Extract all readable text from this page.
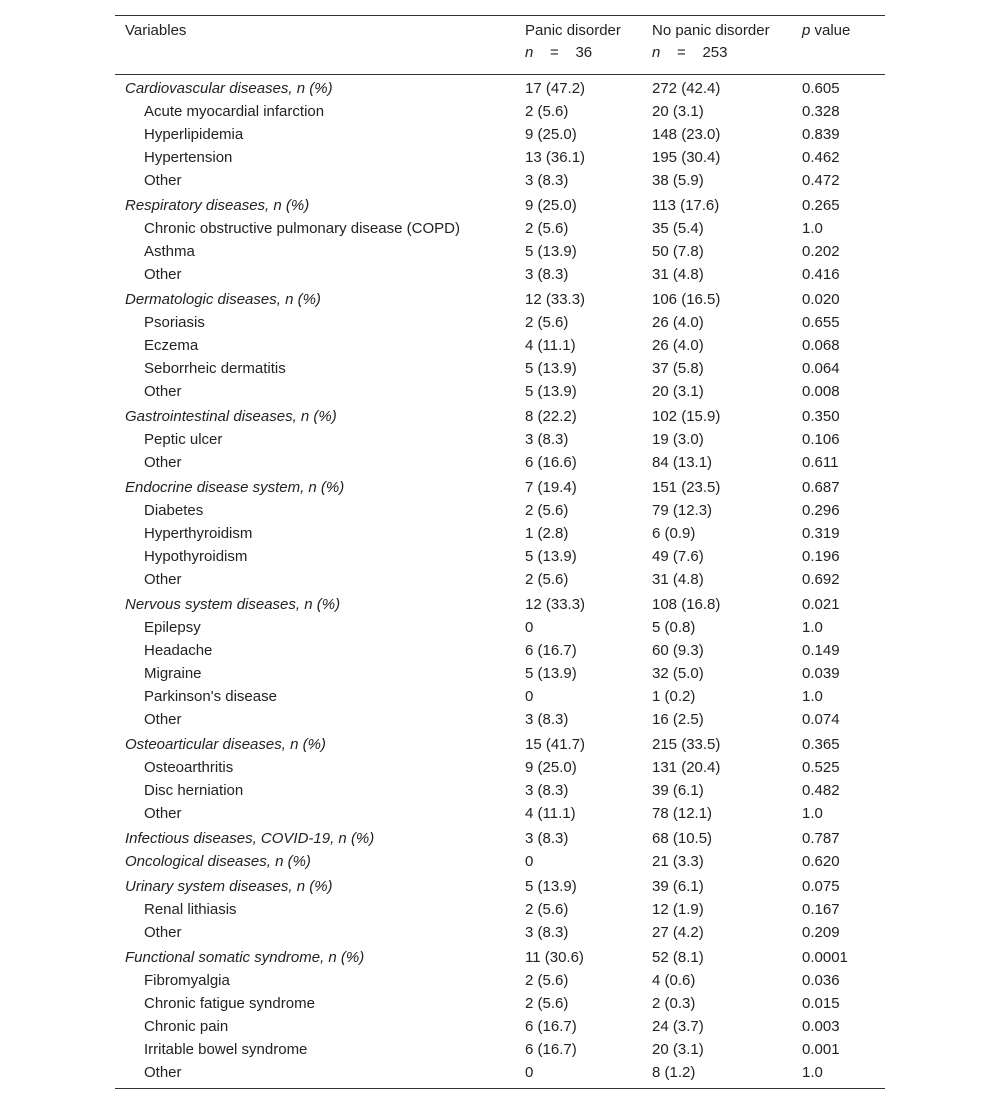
Variables	Panic disorder	No panic disorder	p value
	n = 36	n = 253	
Cardiovascular diseases, n (%)	17 (47.2)	272 (42.4)	0.605
Acute myocardial infarction	2 (5.6)	20 (3.1)	0.328
Hyperlipidemia	9 (25.0)	148 (23.0)	0.839
Hypertension	13 (36.1)	195 (30.4)	0.462
Other	3 (8.3)	38 (5.9)	0.472
Respiratory diseases, n (%)	9 (25.0)	113 (17.6)	0.265
Chronic obstructive pulmonary disease (COPD)	2 (5.6)	35 (5.4)	1.0
Asthma	5 (13.9)	50 (7.8)	0.202
Other	3 (8.3)	31 (4.8)	0.416
Dermatologic diseases, n (%)	12 (33.3)	106 (16.5)	0.020
Psoriasis	2 (5.6)	26 (4.0)	0.655
Eczema	4 (11.1)	26 (4.0)	0.068
Seborrheic dermatitis	5 (13.9)	37 (5.8)	0.064
Other	5 (13.9)	20 (3.1)	0.008
Gastrointestinal diseases, n (%)	8 (22.2)	102 (15.9)	0.350
Peptic ulcer	3 (8.3)	19 (3.0)	0.106
Other	6 (16.6)	84 (13.1)	0.611
Endocrine disease system, n (%)	7 (19.4)	151 (23.5)	0.687
Diabetes	2 (5.6)	79 (12.3)	0.296
Hyperthyroidism	1 (2.8)	6 (0.9)	0.319
Hypothyroidism	5 (13.9)	49 (7.6)	0.196
Other	2 (5.6)	31 (4.8)	0.692
Nervous system diseases, n (%)	12 (33.3)	108 (16.8)	0.021
Epilepsy	0	5 (0.8)	1.0
Headache	6 (16.7)	60 (9.3)	0.149
Migraine	5 (13.9)	32 (5.0)	0.039
Parkinson's disease	0	1 (0.2)	1.0
Other	3 (8.3)	16 (2.5)	0.074
Osteoarticular diseases, n (%)	15 (41.7)	215 (33.5)	0.365
Osteoarthritis	9 (25.0)	131 (20.4)	0.525
Disc herniation	3 (8.3)	39 (6.1)	0.482
Other	4 (11.1)	78 (12.1)	1.0
Infectious diseases, COVID-19, n (%)	3 (8.3)	68 (10.5)	0.787
Oncological diseases, n (%)	0	21 (3.3)	0.620
Urinary system diseases, n (%)	5 (13.9)	39 (6.1)	0.075
Renal lithiasis	2 (5.6)	12 (1.9)	0.167
Other	3 (8.3)	27 (4.2)	0.209
Functional somatic syndrome, n (%)	11 (30.6)	52 (8.1)	0.0001
Fibromyalgia	2 (5.6)	4 (0.6)	0.036
Chronic fatigue syndrome	2 (5.6)	2 (0.3)	0.015
Chronic pain	6 (16.7)	24 (3.7)	0.003
Irritable bowel syndrome	6 (16.7)	20 (3.1)	0.001
Other	0	8 (1.2)	1.0
